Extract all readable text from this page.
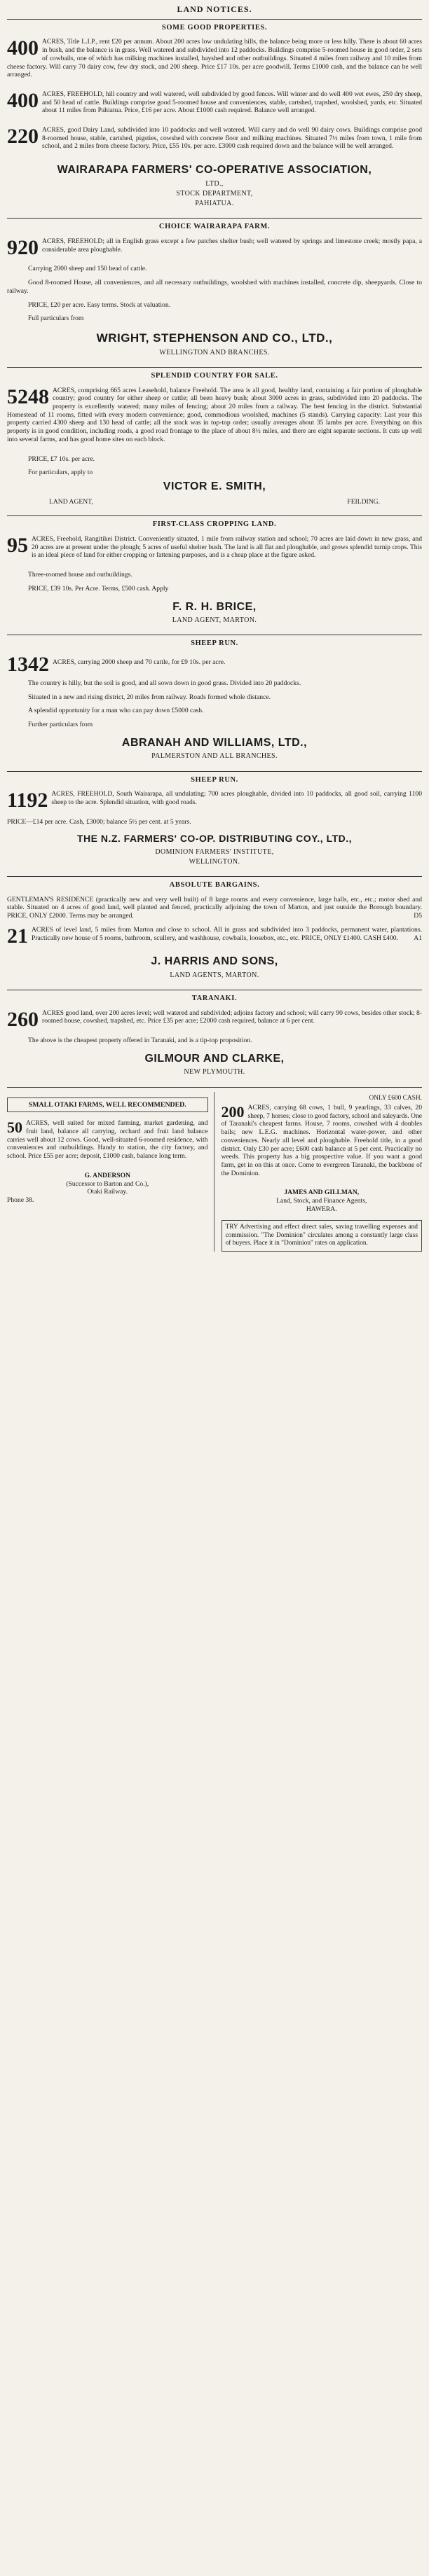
LAND NOTICES.
SOME GOOD PROPERTIES.
400 ACRES, Title L.I.P., rent £20 per annum. About 200 acres low undulating hills, the balance being more or less hilly. There is about 60 acres in bush, and the balance is in grass. Well watered and subdivided into 12 paddocks. Buildings comprise 5-roomed house in good order, 2 sets of cowbails, one of which has milking machines installed, hayshed and other outbuildings. Situated 4 miles from railway and 10 miles from cheese factory. Will carry 70 dairy cow, few dry stock, and 200 sheep. Price £17 10s. per acre goodwill. Terms £1000 cash, and the balance can be well arranged.
400 ACRES, FREEHOLD, hill country and well watered, well subdivided by good fences. Will winter and do well 400 wet ewes, 250 dry sheep, and 50 head of cattle. Buildings comprise good 5-roomed house and conveniences, stable, cartshed, trapshed, woolshed, yards, etc. Situated about 11 miles from Pahiatua. Price, £16 per acre. About £1000 cash required. Balance well arranged.
220 ACRES, good Dairy Land, subdivided into 10 paddocks and well watered. Will carry and do well 90 dairy cows. Buildings comprise good 8-roomed house, stable, cartshed, pigsties, cowshed with concrete floor and milking machines. Situated 7½ miles from town, 1 mile from school, and 2 miles from cheese factory. Price, £55 10s. per acre. £3000 cash required down and the balance will be well arranged.
WAIRARAPA FARMERS' CO-OPERATIVE ASSOCIATION,
LTD.,
STOCK DEPARTMENT,
PAHIATUA.
CHOICE WAIRARAPA FARM.
920 ACRES, FREEHOLD; all in English grass except a few patches shelter bush; well watered by springs and limestone creek; mostly papa, a considerable area ploughable.
Carrying 2000 sheep and 150 head of cattle.
Good 8-roomed House, all conveniences, and all necessary outbuildings, woolshed with machines installed, concrete dip, sheepyards. Close to railway.
PRICE, £20 per acre. Easy terms. Stock at valuation.
Full particulars from
WRIGHT, STEPHENSON AND CO., LTD.,
WELLINGTON AND BRANCHES.
SPLENDID COUNTRY FOR SALE.
5248 ACRES, comprising 665 acres Leasehold, balance Freehold. The area is all good, healthy land, containing a fair portion of ploughable country; good country for either sheep or cattle; all been heavy bush; about 3000 acres in grass, subdivided into 20 paddocks. The property is excellently watered; many miles of fencing; about 20 miles from a railway. The best fencing in the district. Substantial Homestead of 11 rooms, fitted with every modern convenience; good, commodious woolshed, machines (5 stands). Carrying capacity: Last year this property carried 4300 sheep and 130 head of cattle; all the stock was in top-top order; usually averages about 35 lambs per acre. Everything on this property is in good condition, including roads, a good road frontage to the place of about 8½ miles, and there are eight separate sections. It cuts up well into several farms, and has good home sites on each block.
PRICE, £7 10s. per acre.
For particulars, apply to
VICTOR E. SMITH,
LAND AGENT,	FEILDING.
FIRST-CLASS CROPPING LAND.
95 ACRES, Freehold, Rangitikei District. Conveniently situated, 1 mile from railway station and school; 70 acres are laid down in new grass, and 20 acres are at present under the plough; 5 acres of useful shelter bush. The land is all flat and ploughable, and grows splendid turnip crops. This is an ideal piece of land for either cropping or fattening purposes, and is a cheap place at the figure asked.
Three-roomed house and outbuildings.
PRICE, £39 10s. Per Acre. Terms, £500 cash. Apply
F. R. H. BRICE,
LAND AGENT, MARTON.
SHEEP RUN.
1342 ACRES, carrying 2000 sheep and 70 cattle, for £9 10s. per acre.
The country is hilly, but the soil is good, and all sown down in good grass. Divided into 20 paddocks.
Situated in a new and rising district, 20 miles from railway. Roads formed whole distance.
A splendid opportunity for a man who can pay down £5000 cash.
Further particulars from
ABRANAH AND WILLIAMS, LTD.,
PALMERSTON AND ALL BRANCHES.
SHEEP RUN.
1192 ACRES, FREEHOLD, South Wairarapa, all undulating; 700 acres ploughable, divided into 10 paddocks, all good soil, carrying 1100 sheep to the acre. Splendid situation, with good roads.
PRICE—£14 per acre. Cash, £3000; balance 5½ per cent. at 5 years.
THE N.Z. FARMERS' CO-OP. DISTRIBUTING COY., LTD.,
DOMINION FARMERS' INSTITUTE,
WELLINGTON.
ABSOLUTE BARGAINS.
GENTLEMAN'S RESIDENCE (practically new and very well built) of 8 large rooms and every convenience, large halls, etc., etc.; motor shed and stable. Situated on 4 acres of good land, well planted and fenced, practically adjoining the town of Marton, and just outside the Borough boundary. PRICE, ONLY £2000. Terms may be arranged.	D5
21 ACRES of level land, 5 miles from Marton and close to school. All in grass and subdivided into 3 paddocks, permanent water, plantations. Practically new house of 5 rooms, bathroom, scullery, and washhouse, cowbails, loosebox, etc., etc. PRICE, ONLY £1400. CASH £400. A1
J. HARRIS AND SONS,
LAND AGENTS, MARTON.
TARANAKI.
260 ACRES good land, over 200 acres level; well watered and subdivided; adjoins factory and school; will carry 90 cows, besides other stock; 8-roomed house, cowshed, trapshed, etc. Price £35 per acre; £2000 cash required, balance at 6 per cent.
The above is the cheapest property offered in Taranaki, and is a tip-top proposition.
GILMOUR AND CLARKE,
NEW PLYMOUTH.
SMALL OTAKI FARMS, WELL RECOMMENDED.
50 ACRES, well suited for mixed farming, market gardening, and fruit land, balance all carrying, orchard and fruit land balance carries well about 12 cows. Good, well-situated 6-roomed residence, with conveniences and outbuildings. Handy to station, the city factory, and school. Price £55 per acre; deposit, £1000 cash, balance long term.
G. ANDERSON
(Successor to Barton and Co.),
Otaki Railway.
Phone 38.
ONLY £600 CASH.
200 ACRES, carrying 68 cows, 1 bull, 9 yearlings, 33 calves, 20 sheep, 7 horses; close to good factory, school and saleyards. One of Taranaki's cheapest farms. House, 7 rooms, cowshed with 4 doubles bails; new L.E.G. machines. Horizontal water-power, and other conveniences. Nearly all level and ploughable. Freehold title, in a good district. Only £30 per acre; £600 cash balance at 5 per cent. Practically no weeds. This property has a big prospective value. If you want a good farm, get in on this at once. Come to evergreen Taranaki, the backbone of the Dominion.
JAMES AND GILLMAN,
Land, Stock, and Finance Agents,
HAWERA.
TRY Advertising and effect direct sales, saving travelling expenses and commission. "The Dominion" circulates among a constantly large class of buyers. Place it in "Dominion" rates on application.
